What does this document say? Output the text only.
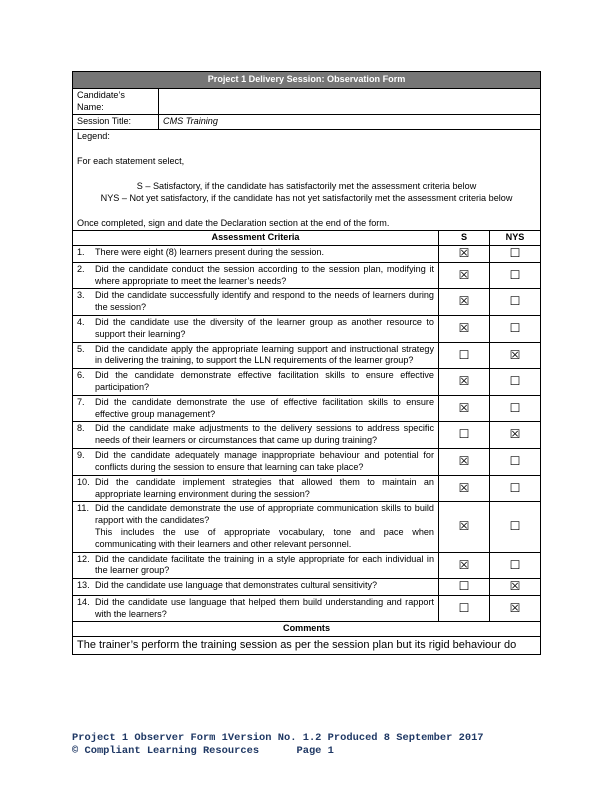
Project 1 Delivery Session: Observation Form			
Candidate’s Name:			
Session Title:	CMS Training		

Legend:

For each statement select,

S – Satisfactory, if the candidate has satisfactorily met the assessment criteria below

NYS – Not yet satisfactory, if the candidate has not yet satisfactorily met the assessment criteria below

Once completed, sign and date the Declaration section at the end of the form.			

Assessment Criteria		S	NYS

1. There were eight (8) learners present during the session.		☒	☐

2. Did the candidate conduct the session according to the session plan, modifying it where appropriate to meet the learner’s needs?		☒	☐

3. Did the candidate successfully identify and respond to the needs of learners during the session?		☒	☐

4. Did the candidate use the diversity of the learner group as another resource to support their learning?		☒	☐

5. Did the candidate apply the appropriate learning support and instructional strategy in delivering the training, to support the LLN requirements of the learner group?		☐	☒

6. Did the candidate demonstrate effective facilitation skills to ensure effective participation?		☒	☐

7. Did the candidate demonstrate the use of effective facilitation skills to ensure effective group management?		☒	☐

8. Did the candidate make adjustments to the delivery sessions to address specific needs of their learners or circumstances that came up during training?		☐	☒

9. Did the candidate adequately manage inappropriate behaviour and potential for conflicts during the session to ensure that learning can take place?		☒	☐

10. Did the candidate implement strategies that allowed them to maintain an appropriate learning environment during the session?		☒	☐

11. Did the candidate demonstrate the use of appropriate communication skills to build rapport with the candidates?
This includes the use of appropriate vocabulary, tone and pace when communicating with their learners and other relevant personnel.		☒	☐

12. Did the candidate facilitate the training in a style appropriate for each individual in the learner group?		☒	☐

13. Did the candidate use language that demonstrates cultural sensitivity?		☐	☒

14. Did the candidate use language that helped them build understanding and rapport with the learners?		☐	☒
Comments			
The trainer’s perform the training session as per the session plan but its rigid behaviour do			
Project 1 Observer Form 1Version No. 1.2 Produced 8 September 2017
© Compliant Learning Resources      Page 1
